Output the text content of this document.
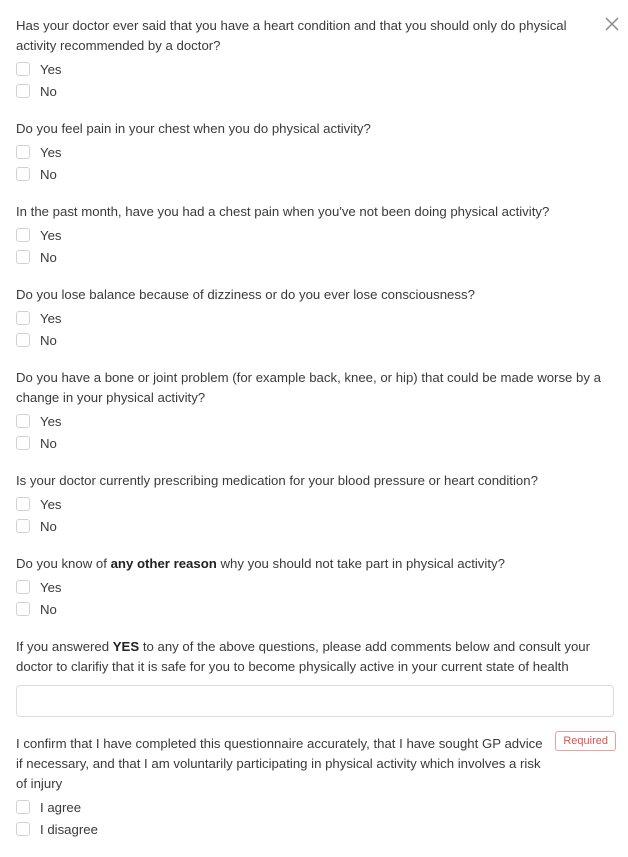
Has your doctor ever said that you have a heart condition and that you should only do physical activity recommended by a doctor?

Yes
No

Do you feel pain in your chest when you do physical activity?

Yes
No

In the past month, have you had a chest pain when you've not been doing physical activity?

Yes
No

Do you lose balance because of dizziness or do you ever lose consciousness?

Yes
No

Do you have a bone or joint problem (for example back, knee, or hip) that could be made worse by a change in your physical activity?

Yes
No

Is your doctor currently prescribing medication for your blood pressure or heart condition?

Yes
No

Do you know of any other reason why you should not take part in physical activity?

Yes
No

If you answered YES to any of the above questions, please add comments below and consult your doctor to clarifiy that it is safe for you to become physically active in your current state of health

Required

I confirm that I have completed this questionnaire accurately, that I have sought GP advice if necessary, and that I am voluntarily participating in physical activity which involves a risk of injury

I agree
I disagree
